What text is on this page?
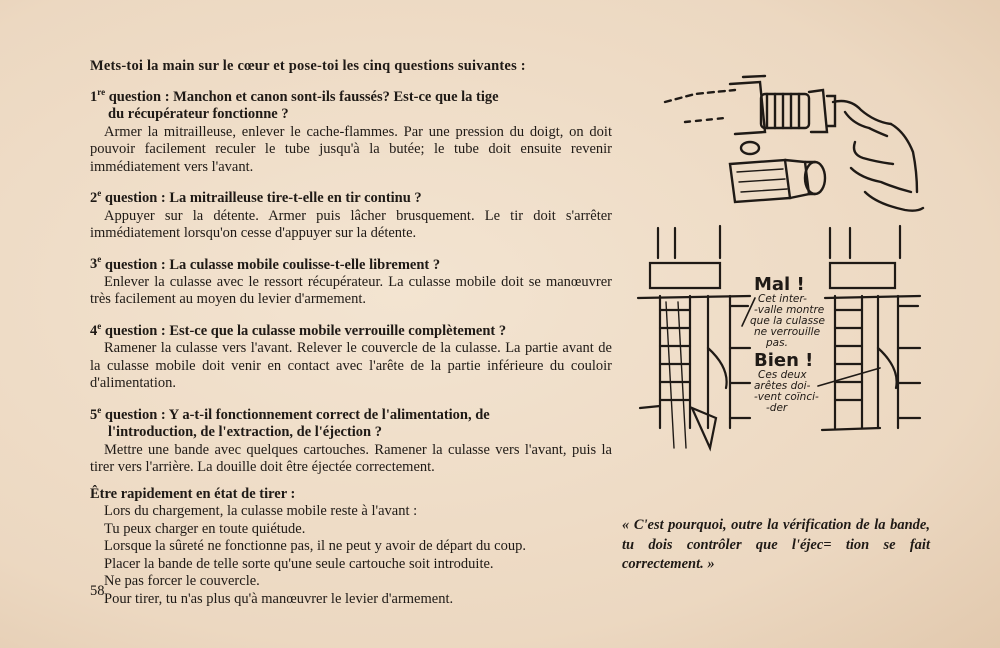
Mets-toi la main sur le cœur et pose-toi les cinq questions suivantes :

1re question : Manchon et canon sont-ils faussés? Est-ce que la tige
du récupérateur fonctionne ?

Armer la mitrailleuse, enlever le cache-flammes. Par une pression du doigt, on doit pouvoir facilement reculer le tube jusqu'à la butée; le tube doit ensuite revenir immédiatement vers l'avant.

2e question : La mitrailleuse tire-t-elle en tir continu ?

Appuyer sur la détente. Armer puis lâcher brusquement. Le tir doit s'arrêter immédiatement lorsqu'on cesse d'appuyer sur la détente.

3e question : La culasse mobile coulisse-t-elle librement ?

Enlever la culasse avec le ressort récupérateur. La culasse mobile doit se manœuvrer très facilement au moyen du levier d'armement.

4e question : Est-ce que la culasse mobile verrouille complètement ?

Ramener la culasse vers l'avant. Relever le couvercle de la culasse. La partie avant de la culasse mobile doit venir en contact avec l'arête de la partie inférieure du couloir d'alimentation.

5e question : Y a-t-il fonctionnement correct de l'alimentation, de
l'introduction, de l'extraction, de l'éjection ?

Mettre une bande avec quelques cartouches. Ramener la culasse vers l'avant, puis la tirer vers l'arrière. La douille doit être éjectée correctement.

Être rapidement en état de tirer :

Lors du chargement, la culasse mobile reste à l'avant :

Tu peux charger en toute quiétude.

Lorsque la sûreté ne fonctionne pas, il ne peut y avoir de départ du coup.

Placer la bande de telle sorte qu'une seule cartouche soit introduite.

Ne pas forcer le couvercle.

Pour tirer, tu n'as plus qu'à manœuvrer le levier d'armement.

58
Mal !
Bien !
Cet inter-
-valle montre
que la culasse
ne verrouille
pas.
Ces deux
arêtes doi-
-vent coïnci-
-der
« C'est pourquoi, outre la vérification de la bande, tu dois contrôler que l'éjec= tion se fait correctement. »
